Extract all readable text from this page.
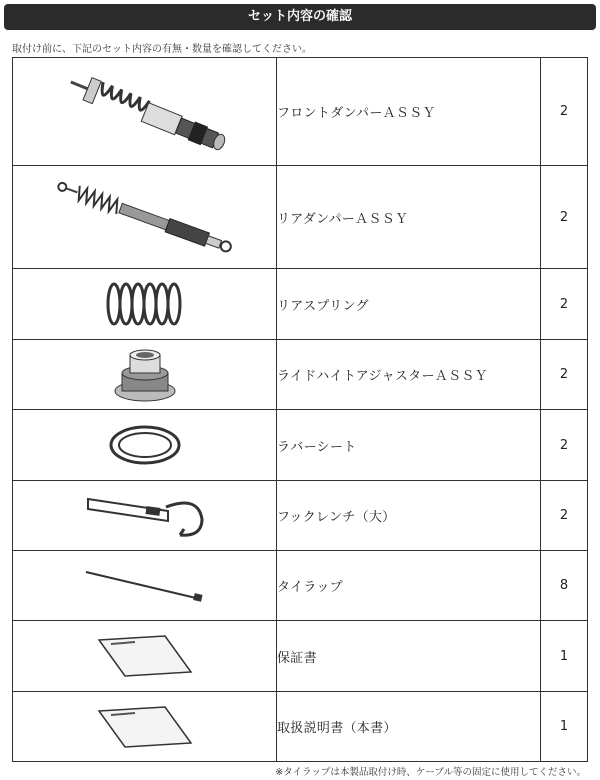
セット内容の確認
取付け前に、下記のセット内容の有無・数量を確認してください。
	フロントダンパーＡＳＳＹ	2

	リアダンパーＡＳＳＹ	2

	リアスプリング	2

	ライドハイトアジャスターＡＳＳＹ	2

	ラバーシート	2

	フックレンチ（大）	2

	タイラップ	8

	保証書	1

	取扱説明書（本書）	1
※タイラップは本製品取付け時、ケーブル等の固定に使用してください。
